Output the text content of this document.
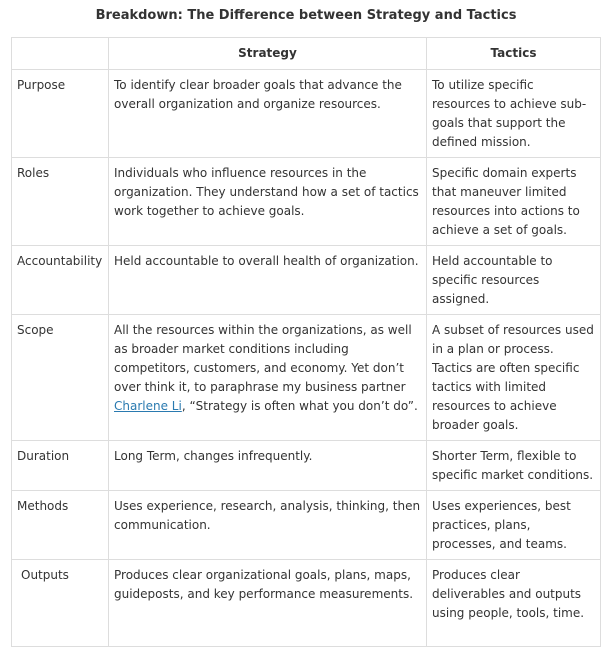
Breakdown: The Difference between Strategy and Tactics
	Strategy	Tactics
Purpose	To identify clear broader goals that advance the overall organization and organize resources.	To utilize specific resources to achieve sub-goals that support the defined mission.
Roles	Individuals who influence resources in the organization. They understand how a set of tactics work together to achieve goals.	Specific domain experts that maneuver limited resources into actions to achieve a set of goals.
Accountability	Held accountable to overall health of organization.	Held accountable to specific resources assigned.
Scope	All the resources within the organizations, as well as broader market conditions including competitors, customers, and economy. Yet don’t over think it, to paraphrase my business partner Charlene Li, “Strategy is often what you don’t do”.	A subset of resources used in a plan or process. Tactics are often specific tactics with limited resources to achieve broader goals.
Duration	Long Term, changes infrequently.	Shorter Term, flexible to specific market conditions.
Methods	Uses experience, research, analysis, thinking, then communication.	Uses experiences, best practices, plans, processes, and teams.
Outputs	Produces clear organizational goals, plans, maps, guideposts, and key performance measurements.	Produces clear deliverables and outputs using people, tools, time.
